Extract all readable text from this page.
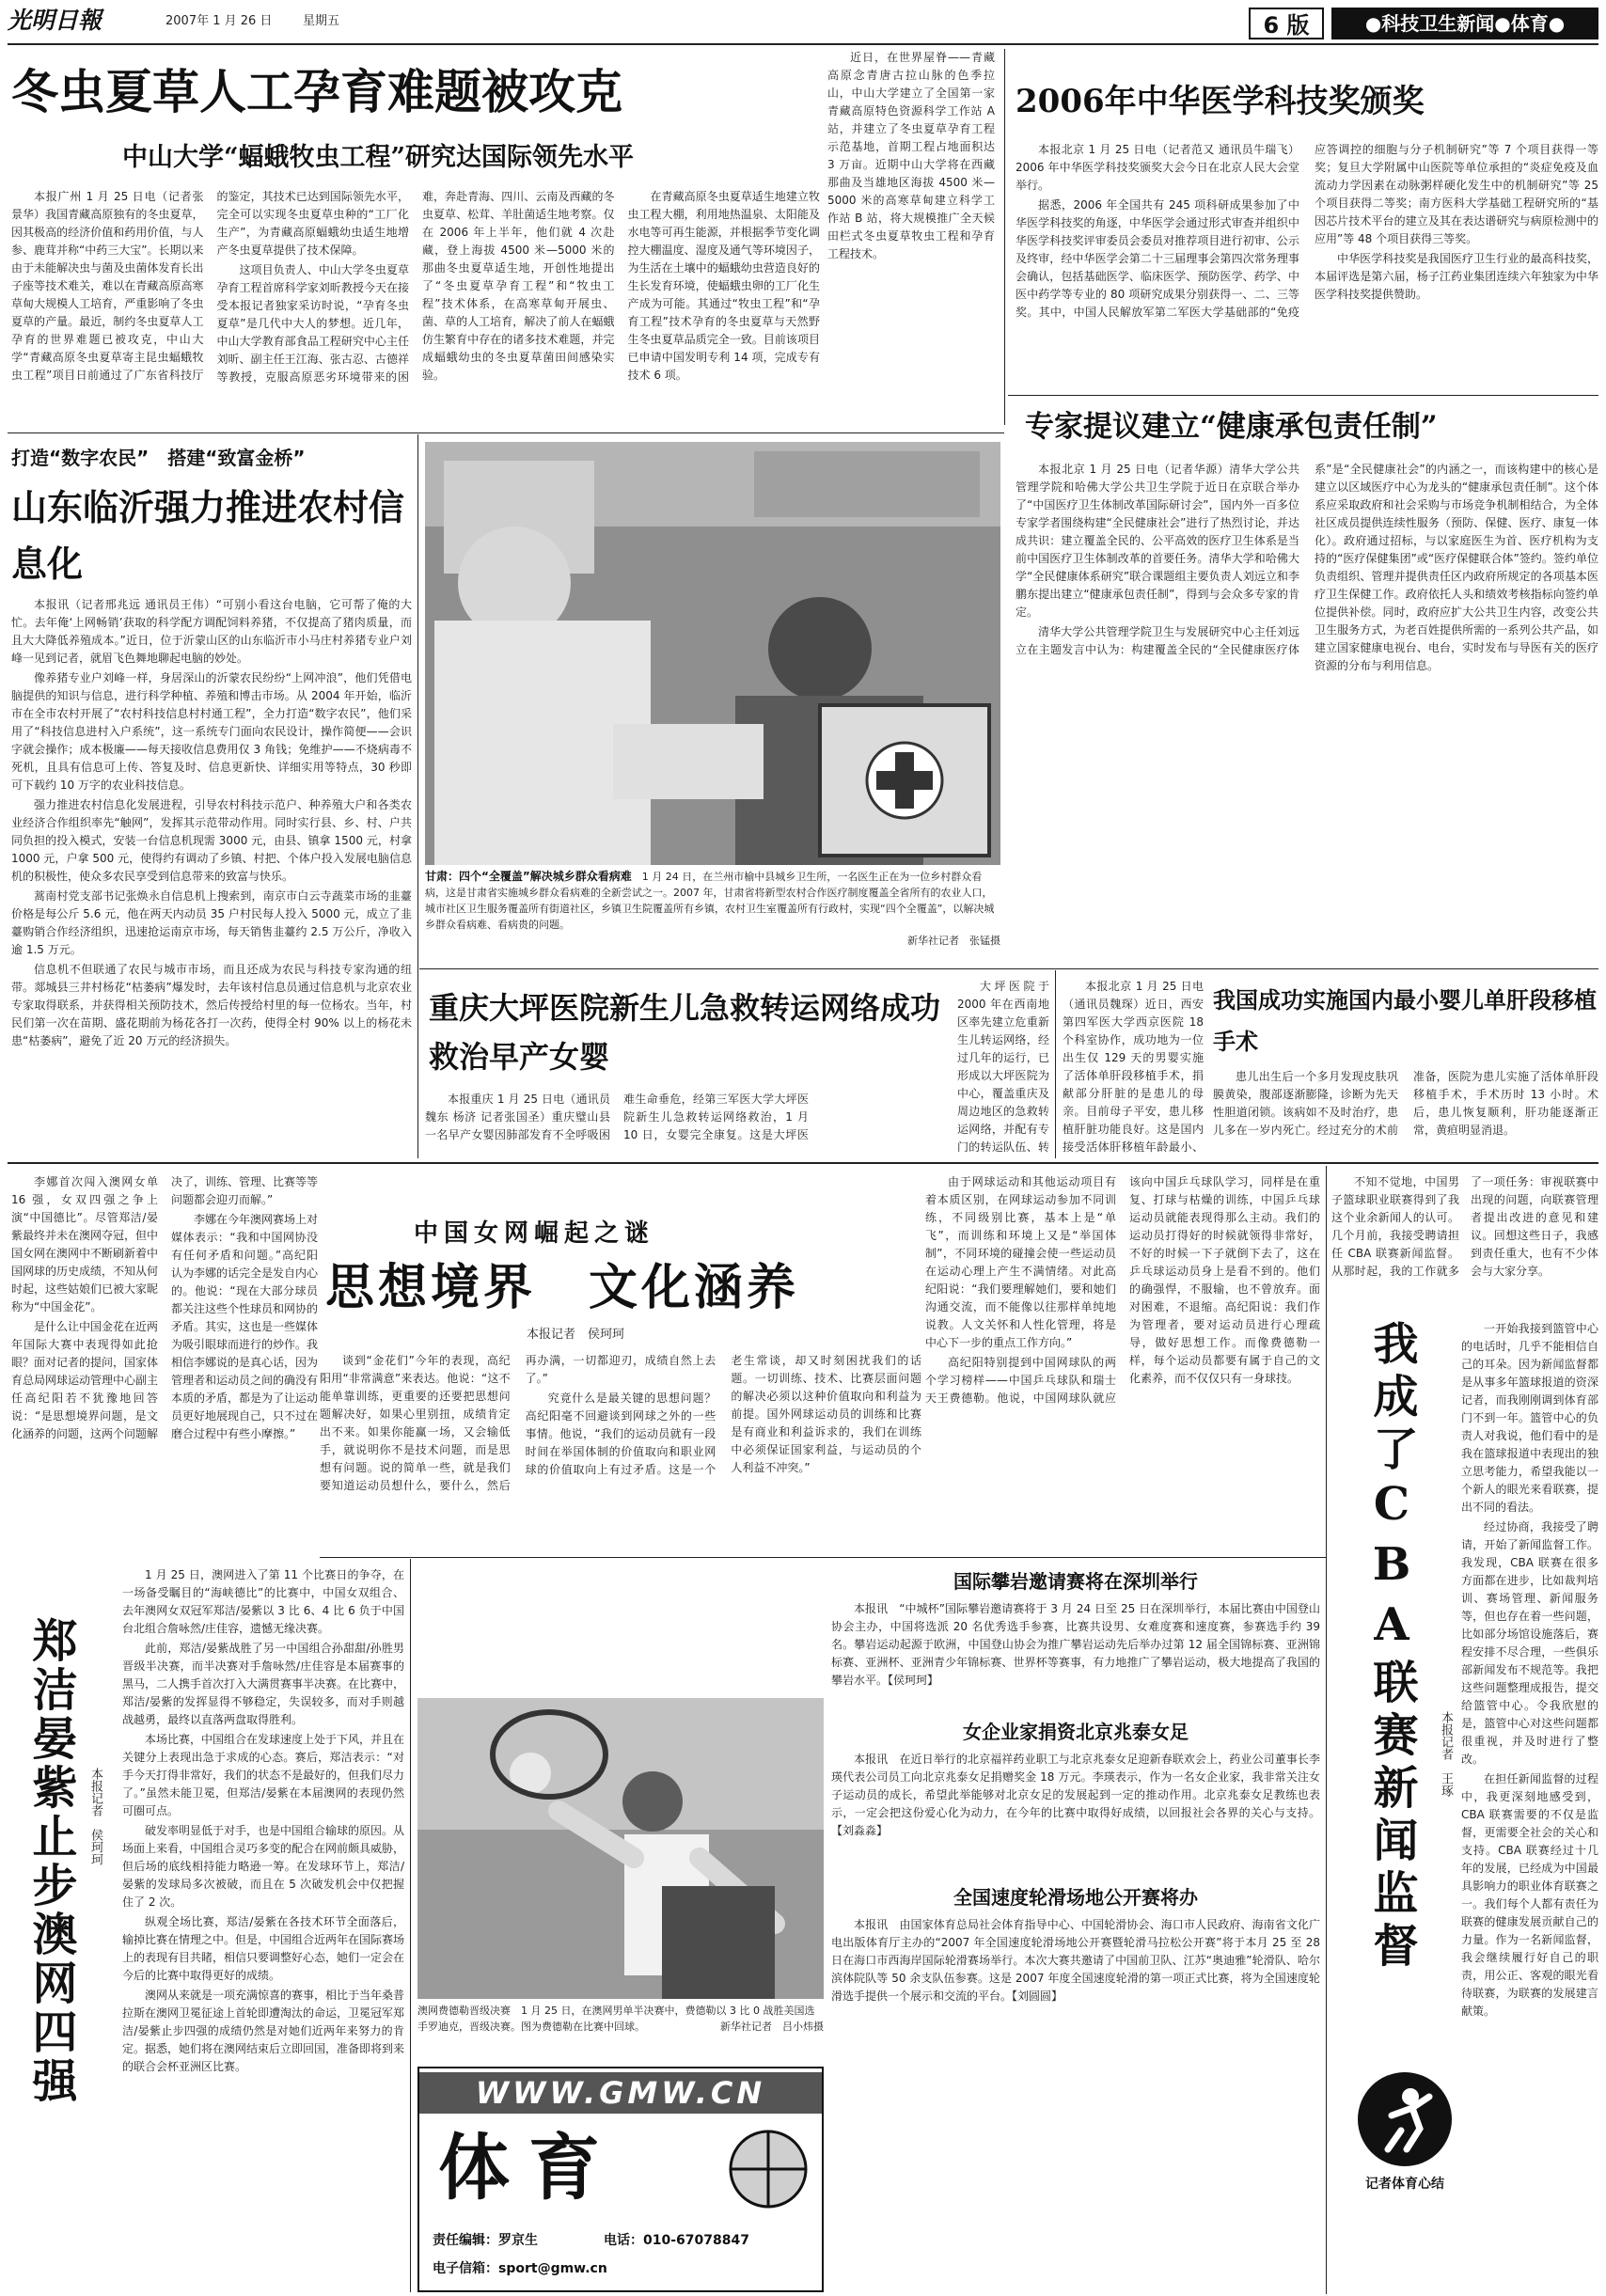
光明日報	2007年 1 月 26 日	星期五	6 版	●科技卫生新闻●体育●
冬虫夏草人工孕育难题被攻克
中山大学“蝠蛾牧虫工程”研究达国际领先水平

本报广州 1 月 25 日电（记者张景华）我国青藏高原独有的冬虫夏草，因其极高的经济价值和药用价值，与人参、鹿茸并称“中药三大宝”。长期以来由于未能解决虫与菌及虫菌体发育长出子座等技术难关，难以在青藏高原高寒草甸大规模人工培育，严重影响了冬虫夏草的产量。最近，制约冬虫夏草人工孕育的世界难题已被攻克，中山大学“青藏高原冬虫夏草寄主昆虫蝠蛾牧虫工程”项目日前通过了广东省科技厅的鉴定，其技术已达到国际领先水平，完全可以实现冬虫夏草虫种的“工厂化生产”，为青藏高原蝠蛾幼虫适生地增产冬虫夏草提供了技术保障。

这项目负责人、中山大学冬虫夏草孕育工程首席科学家刘昕教授今天在接受本报记者独家采访时说，“孕育冬虫夏草”是几代中大人的梦想。近几年，中山大学教育部食品工程研究中心主任刘昕、副主任王江海、张古忍、古德祥等教授，克服高原恶劣环境带来的困难，奔赴青海、四川、云南及西藏的冬虫夏草、松茸、羊肚菌适生地考察。仅在 2006 年上半年，他们就 4 次赴藏，登上海拔 4500 米—5000 米的那曲冬虫夏草适生地，开创性地提出了“冬虫夏草孕育工程”和“牧虫工程”技术体系，在高寒草甸开展虫、菌、草的人工培育，解决了前人在蝠蛾仿生繁育中存在的诸多技术难题，并完成蝠蛾幼虫的冬虫夏草菌田间感染实验。

在青藏高原冬虫夏草适生地建立牧虫工程大棚，利用地热温泉、太阳能及水电等可再生能源，并根据季节变化调控大棚温度、湿度及通气等环境因子，为生活在土壤中的蝠蛾幼虫营造良好的生长发育环境，使蝠蛾虫卵的工厂化生产成为可能。其通过“牧虫工程”和“孕育工程”技术孕育的冬虫夏草与天然野生冬虫夏草品质完全一致。目前该项目已申请中国发明专利 14 项，完成专有技术 6 项。

近日，在世界屋脊——青藏高原念青唐古拉山脉的色季拉山，中山大学建立了全国第一家青藏高原特色资源科学工作站 A 站，并建立了冬虫夏草孕育工程示范基地，首期工程占地面积达 3 万亩。近期中山大学将在西藏那曲及当雄地区海拔 4500 米—5000 米的高寒草甸建立科学工作站 B 站，将大规模推广全天候田栏式冬虫夏草牧虫工程和孕育工程技术。

2006年中华医学科技奖颁奖

本报北京 1 月 25 日电（记者范又 通讯员牛瑞飞）2006 年中华医学科技奖颁奖大会今日在北京人民大会堂举行。

据悉，2006 年全国共有 245 项科研成果参加了中华医学科技奖的角逐，中华医学会通过形式审查并组织中华医学科技奖评审委员会委员对推荐项目进行初审、公示及终审，经中华医学会第二十三届理事会第四次常务理事会确认，包括基础医学、临床医学、预防医学、药学、中医中药学等专业的 80 项研究成果分别获得一、二、三等奖。其中，中国人民解放军第二军医大学基础部的“免疫应答调控的细胞与分子机制研究”等 7 个项目获得一等奖；复旦大学附属中山医院等单位承担的“炎症免疫及血流动力学因素在动脉粥样硬化发生中的机制研究”等 25 个项目获得二等奖；南方医科大学基础工程研究所的“基因芯片技术平台的建立及其在表达谱研究与病原检测中的应用”等 48 个项目获得三等奖。

中华医学科技奖是我国医疗卫生行业的最高科技奖，本届评选是第六届，杨子江药业集团连续六年独家为中华医学科技奖提供赞助。

专家提议建立“健康承包责任制”

本报北京 1 月 25 日电（记者华源）清华大学公共管理学院和哈佛大学公共卫生学院于近日在京联合举办了“中国医疗卫生体制改革国际研讨会”，国内外一百多位专家学者围绕构建“全民健康社会”进行了热烈讨论，并达成共识：建立覆盖全民的、公平高效的医疗卫生体系是当前中国医疗卫生体制改革的首要任务。清华大学和哈佛大学“全民健康体系研究”联合课题组主要负责人刘远立和李鹏东提出建立“健康承包责任制”，得到与会众多专家的肯定。

清华大学公共管理学院卫生与发展研究中心主任刘远立在主题发言中认为：构建覆盖全民的“全民健康医疗体系”是“全民健康社会”的内涵之一，而该构建中的核心是建立以区域医疗中心为龙头的“健康承包责任制”。这个体系应采取政府和社会采购与市场竞争机制相结合，为全体社区成员提供连续性服务（预防、保健、医疗、康复一体化）。政府通过招标，与以家庭医生为首、医疗机构为支持的“医疗保健集团”或“医疗保健联合体”签约。签约单位负责组织、管理并提供责任区内政府所规定的各项基本医疗卫生保健工作。政府依托人头和绩效考核指标向签约单位提供补偿。同时，政府应扩大公共卫生内容，改变公共卫生服务方式，为老百姓提供所需的一系列公共产品，如建立国家健康电视台、电台，实时发布与导医有关的医疗资源的分布与利用信息。

打造“数字农民”　搭建“致富金桥”
山东临沂强力推进农村信息化

本报讯（记者邢兆远 通讯员王伟）“可别小看这台电脑，它可帮了俺的大忙。去年俺‘上网畅销’获取的科学配方调配饲料养猪，不仅提高了猪肉质量，而且大大降低养殖成本。”近日，位于沂蒙山区的山东临沂市小马庄村养猪专业户刘峰一见到记者，就眉飞色舞地聊起电脑的妙处。

像养猪专业户刘峰一样，身居深山的沂蒙农民纷纷“上网冲浪”，他们凭借电脑提供的知识与信息，进行科学种植、养殖和博击市场。从 2004 年开始，临沂市在全市农村开展了“农村科技信息村村通工程”，全力打造“数字农民”，他们采用了“科技信息进村入户系统”，这一系统专门面向农民设计，操作简便——会识字就会操作；成本极廉——每天接收信息费用仅 3 角钱；免维护——不烧病毒不死机，且具有信息可上传、答复及时、信息更新快、详细实用等特点，30 秒即可下载约 10 万字的农业科技信息。

强力推进农村信息化发展进程，引导农村科技示范户、种养殖大户和各类农业经济合作组织率先“触网”，发挥其示范带动作用。同时实行县、乡、村、户共同负担的投入模式，安装一台信息机现需 3000 元，由县、镇拿 1500 元，村拿 1000 元，户拿 500 元，使得约有调动了乡镇、村把、个体户投入发展电脑信息机的积极性，使众多农民享受到信息带来的致富与快乐。

蒿南村党支部书记张焕永自信息机上搜索到，南京市白云寺蔬菜市场的韭薹价格是每公斤 5.6 元，他在两天内动员 35 户村民每人投入 5000 元，成立了韭薹购销合作经济组织，迅速抢运南京市场，每天销售韭薹约 2.5 万公斤，净收入逾 1.5 万元。

信息机不但联通了农民与城市市场，而且还成为农民与科技专家沟通的纽带。郯城县三井村杨花“枯萎病”爆发时，去年该村信息员通过信息机与北京农业专家取得联系，并获得相关预防技术，然后传授给村里的每一位杨农。当年，村民们第一次在苗期、盛花期前为杨花各打一次药，使得全村 90% 以上的杨花未患“枯萎病”，避免了近 20 万元的经济损失。

甘肃：四个“全覆盖”解决城乡群众看病难　 1 月 24 日，在兰州市榆中县城乡卫生所，一名医生正在为一位乡村群众看病，这是甘肃省实施城乡群众看病难的全新尝试之一。2007 年，甘肃省将新型农村合作医疗制度覆盖全省所有的农业人口，城市社区卫生服务覆盖所有街道社区，乡镇卫生院覆盖所有乡镇，农村卫生室覆盖所有行政村，实现“四个全覆盖”，以解决城乡群众看病难、看病贵的问题。
新华社记者　张锰摄
重庆大坪医院新生儿急救转运网络成功救治早产女婴

本报重庆 1 月 25 日电（通讯员魏东 杨济 记者张国圣）重庆璧山县一名早产女婴因肺部发育不全呼吸困难生命垂危，经第三军医大学大坪医院新生儿急救转运网络救治，1 月 10 日，女婴完全康复。这是大坪医

大坪医院于 2000 年在西南地区率先建立危重新生儿转运网络，经过几年的运行，已形成以大坪医院为中心，覆盖重庆及周边地区的急救转运网络，并配有专门的转运队伍、转

本报北京 1 月 25 日电（通讯员魏琛）近日，西安第四军医大学西京医院 18 个科室协作，成功地为一位出生仅 129 天的男婴实施了活体单肝段移植手术，捐献部分肝脏的是患儿的母亲。目前母子平安，患儿移植肝脏功能良好。这是国内接受活体肝移植年龄最小、

我国成功实施国内最小婴儿单肝段移植手术

患儿出生后一个多月发现皮肤巩膜黄染，腹部逐渐膨隆，诊断为先天性胆道闭锁。该病如不及时治疗，患儿多在一岁内死亡。经过充分的术前准备，医院为患儿实施了活体单肝段移植手术，手术历时 13 小时。术后，患儿恢复顺利，肝功能逐渐正常，黄疸明显消退。

中国女网崛起之谜
思想境界　文化涵养
本报记者　侯珂珂

李娜首次闯入澳网女单 16 强，女双四强之争上演“中国德比”。尽管郑洁/晏紫最终并未在澳网夺冠，但中国女网在澳网中不断刷新着中国网球的历史成绩，不知从何时起，这些姑娘们已被大家昵称为“中国金花”。

是什么让中国金花在近两年国际大赛中表现得如此抢眼？面对记者的提问，国家体育总局网球运动管理中心副主任高纪阳若不犹豫地回答说：“是思想境界问题，是文化涵养的问题，这两个问题解决了，训练、管理、比赛等等问题都会迎刃而解。”

李娜在今年澳网赛场上对媒体表示：“我和中国网协没有任何矛盾和问题。”高纪阳认为李娜的话完全是发自内心的。他说：“现在大部分球员都关注这些个性球员和网协的矛盾。其实，这也是一些媒体为吸引眼球而进行的炒作。我相信李娜说的是真心话，因为管理者和运动员之间的确没有本质的矛盾，都是为了让运动员更好地展现自己，只不过在磨合过程中有些小摩擦。”

谈到“金花们”今年的表现，高纪阳用“非常满意”来表达。他说：“这不能单靠训练，更重要的还要把思想问题解决好，如果心里别扭，成绩肯定出不来。如果你能赢一场，又会输低手，就说明你不是技术问题，而是思想有问题。说的简单一些，就是我们要知道运动员想什么，要什么，然后再办满，一切都迎刃，成绩自然上去了。”

究竟什么是最关键的思想问题？高纪阳毫不回避谈到网球之外的一些事情。他说，“我们的运动员就有一段时间在举国体制的价值取向和职业网球的价值取向上有过矛盾。这是一个老生常谈，却又时刻困扰我们的话题。一切训练、技术、比赛层面问题的解决必须以这种价值取向和利益为前提。国外网球运动员的训练和比赛是有商业和利益诉求的，我们在训练中必须保证国家利益，与运动员的个人利益不冲突。”

由于网球运动和其他运动项目有着本质区别，在网球运动参加不同训练，不同级别比赛，基本上是“单飞”，而训练和环境上又是“举国体制”，不同环境的碰撞会使一些运动员在运动心理上产生不满情绪。对此高纪阳说：“我们要理解她们，要和她们沟通交流，而不能像以往那样单纯地说教。人文关怀和人性化管理，将是中心下一步的重点工作方向。”

高纪阳特别提到中国网球队的两个学习榜样——中国乒乓球队和瑞士天王费德勒。他说，中国网球队就应该向中国乒乓球队学习，同样是在重复、打球与枯燥的训练，中国乒乓球运动员就能表现得那么主动。我们的运动员打得好的时候就领得非常好，不好的时候一下子就倒下去了，这在乒乓球运动员身上是看不到的。他们的确强悍，不服输，也不曾放弃。面对困难，不退缩。高纪阳说：我们作为管理者，要对运动员进行心理疏导，做好思想工作。而像费德勒一样，每个运动员都要有属于自己的文化素养，而不仅仅只有一身球技。

不知不觉地，中国男子篮球职业联赛得到了我这个业余新闻人的认可。几个月前，我接受聘请担任 CBA 联赛新闻监督。从那时起，我的工作就多了一项任务：审视联赛中出现的问题，向联赛管理者提出改进的意见和建议。回想这些日子，我感到责任重大，也有不少体会与大家分享。

我成了CBA联赛新闻监督	本报记者　王琢

一开始我接到篮管中心的电话时，几乎不能相信自己的耳朵。因为新闻监督都是从事多年篮球报道的资深记者，而我刚刚调到体育部门不到一年。篮管中心的负责人对我说，他们看中的是我在篮球报道中表现出的独立思考能力，希望我能以一个新人的眼光来看联赛，提出不同的看法。

经过协商，我接受了聘请，开始了新闻监督工作。我发现，CBA 联赛在很多方面都在进步，比如裁判培训、赛场管理、新闻服务等，但也存在着一些问题，比如部分场馆设施落后，赛程安排不尽合理，一些俱乐部新闻发布不规范等。我把这些问题整理成报告，提交给篮管中心。令我欣慰的是，篮管中心对这些问题都很重视，并及时进行了整改。

在担任新闻监督的过程中，我更深刻地感受到，CBA 联赛需要的不仅是监督，更需要全社会的关心和支持。CBA 联赛经过十几年的发展，已经成为中国最具影响力的职业体育联赛之一。我们每个人都有责任为联赛的健康发展贡献自己的力量。作为一名新闻监督，我会继续履行好自己的职责，用公正、客观的眼光看待联赛，为联赛的发展建言献策。

记者体育心结
郑洁晏紫止步澳网四强 本报记者　侯珂珂

1 月 25 日，澳网进入了第 11 个比赛日的争夺，在一场备受瞩目的“海峡德比”的比赛中，中国女双组合、去年澳网女双冠军郑洁/晏紫以 3 比 6、4 比 6 负于中国台北组合詹咏然/庄佳容，遗憾无缘决赛。

此前，郑洁/晏紫战胜了另一中国组合孙甜甜/孙胜男晋级半决赛，而半决赛对手詹咏然/庄佳容是本届赛事的黑马，二人携手首次打入大满贯赛事半决赛。在比赛中，郑洁/晏紫的发挥显得不够稳定，失误较多，而对手则越战越勇，最终以直落两盘取得胜利。

本场比赛，中国组合在发球速度上处于下风，并且在关键分上表现出急于求成的心态。赛后，郑洁表示：“对手今天打得非常好，我们的状态不是最好的，但我们尽力了。”虽然未能卫冕，但郑洁/晏紫在本届澳网的表现仍然可圈可点。

破发率明显低于对手，也是中国组合输球的原因。从场面上来看，中国组合灵巧多变的配合在网前颇具威胁，但后场的底线相持能力略逊一筹。在发球环节上，郑洁/晏紫的发球局多次被破，而且在 5 次破发机会中仅把握住了 2 次。

纵观全场比赛，郑洁/晏紫在各技术环节全面落后，输掉比赛在情理之中。但是，中国组合近两年在国际赛场上的表现有目共睹，相信只要调整好心态，她们一定会在今后的比赛中取得更好的成绩。

澳网从来就是一项充满惊喜的赛事，相比于当年桑普拉斯在澳网卫冕征途上首轮即遭淘汰的命运，卫冕冠军郑洁/晏紫止步四强的成绩仍然是对她们近两年来努力的肯定。据悉，她们将在澳网结束后立即回国，准备即将到来的联合会杯亚洲区比赛。

澳网费德勒晋级决赛　1 月 25 日，在澳网男单半决赛中，费德勒以 3 比 0 战胜美国选手罗迪克，晋级决赛。图为费德勒在比赛中回球。	新华社记者　吕小炜摄
国际攀岩邀请赛将在深圳举行

本报讯　“中城杯”国际攀岩邀请赛将于 3 月 24 日至 25 日在深圳举行，本届比赛由中国登山协会主办，中国将选派 20 名优秀选手参赛，比赛共设男、女难度赛和速度赛，参赛选手约 39 名。攀岩运动起源于欧洲，中国登山协会为推广攀岩运动先后举办过第 12 届全国锦标赛、亚洲锦标赛、亚洲杯、亚洲青少年锦标赛、世界杯等赛事，有力地推广了攀岩运动，极大地提高了我国的攀岩水平。【侯珂珂】

女企业家捐资北京兆泰女足

本报讯　在近日举行的北京福祥药业职工与北京兆泰女足迎新春联欢会上，药业公司董事长李瑛代表公司员工向北京兆泰女足捐赠奖金 18 万元。李瑛表示，作为一名女企业家，我非常关注女子运动员的成长，希望此举能够对北京女足的发展起到一定的推动作用。北京兆泰女足教练也表示，一定会把这份爱心化为动力，在今年的比赛中取得好成绩，以回报社会各界的关心与支持。【刘淼淼】

全国速度轮滑场地公开赛将办

本报讯　由国家体育总局社会体育指导中心、中国轮滑协会、海口市人民政府、海南省文化广电出版体育厅主办的“2007 年全国速度轮滑场地公开赛暨轮滑马拉松公开赛”将于本月 25 至 28 日在海口市西海岸国际轮滑赛场举行。本次大赛共邀请了中国前卫队、江苏“奥迪雅”轮滑队、哈尔滨体院队等 50 余支队伍参赛。这是 2007 年度全国速度轮滑的第一项正式比赛，将为全国速度轮滑选手提供一个展示和交流的平台。【刘圆圆】

WWW.GMW.CN
体育
责任编辑：罗京生	电话：010-67078847
电子信箱：sport@gmw.cn
